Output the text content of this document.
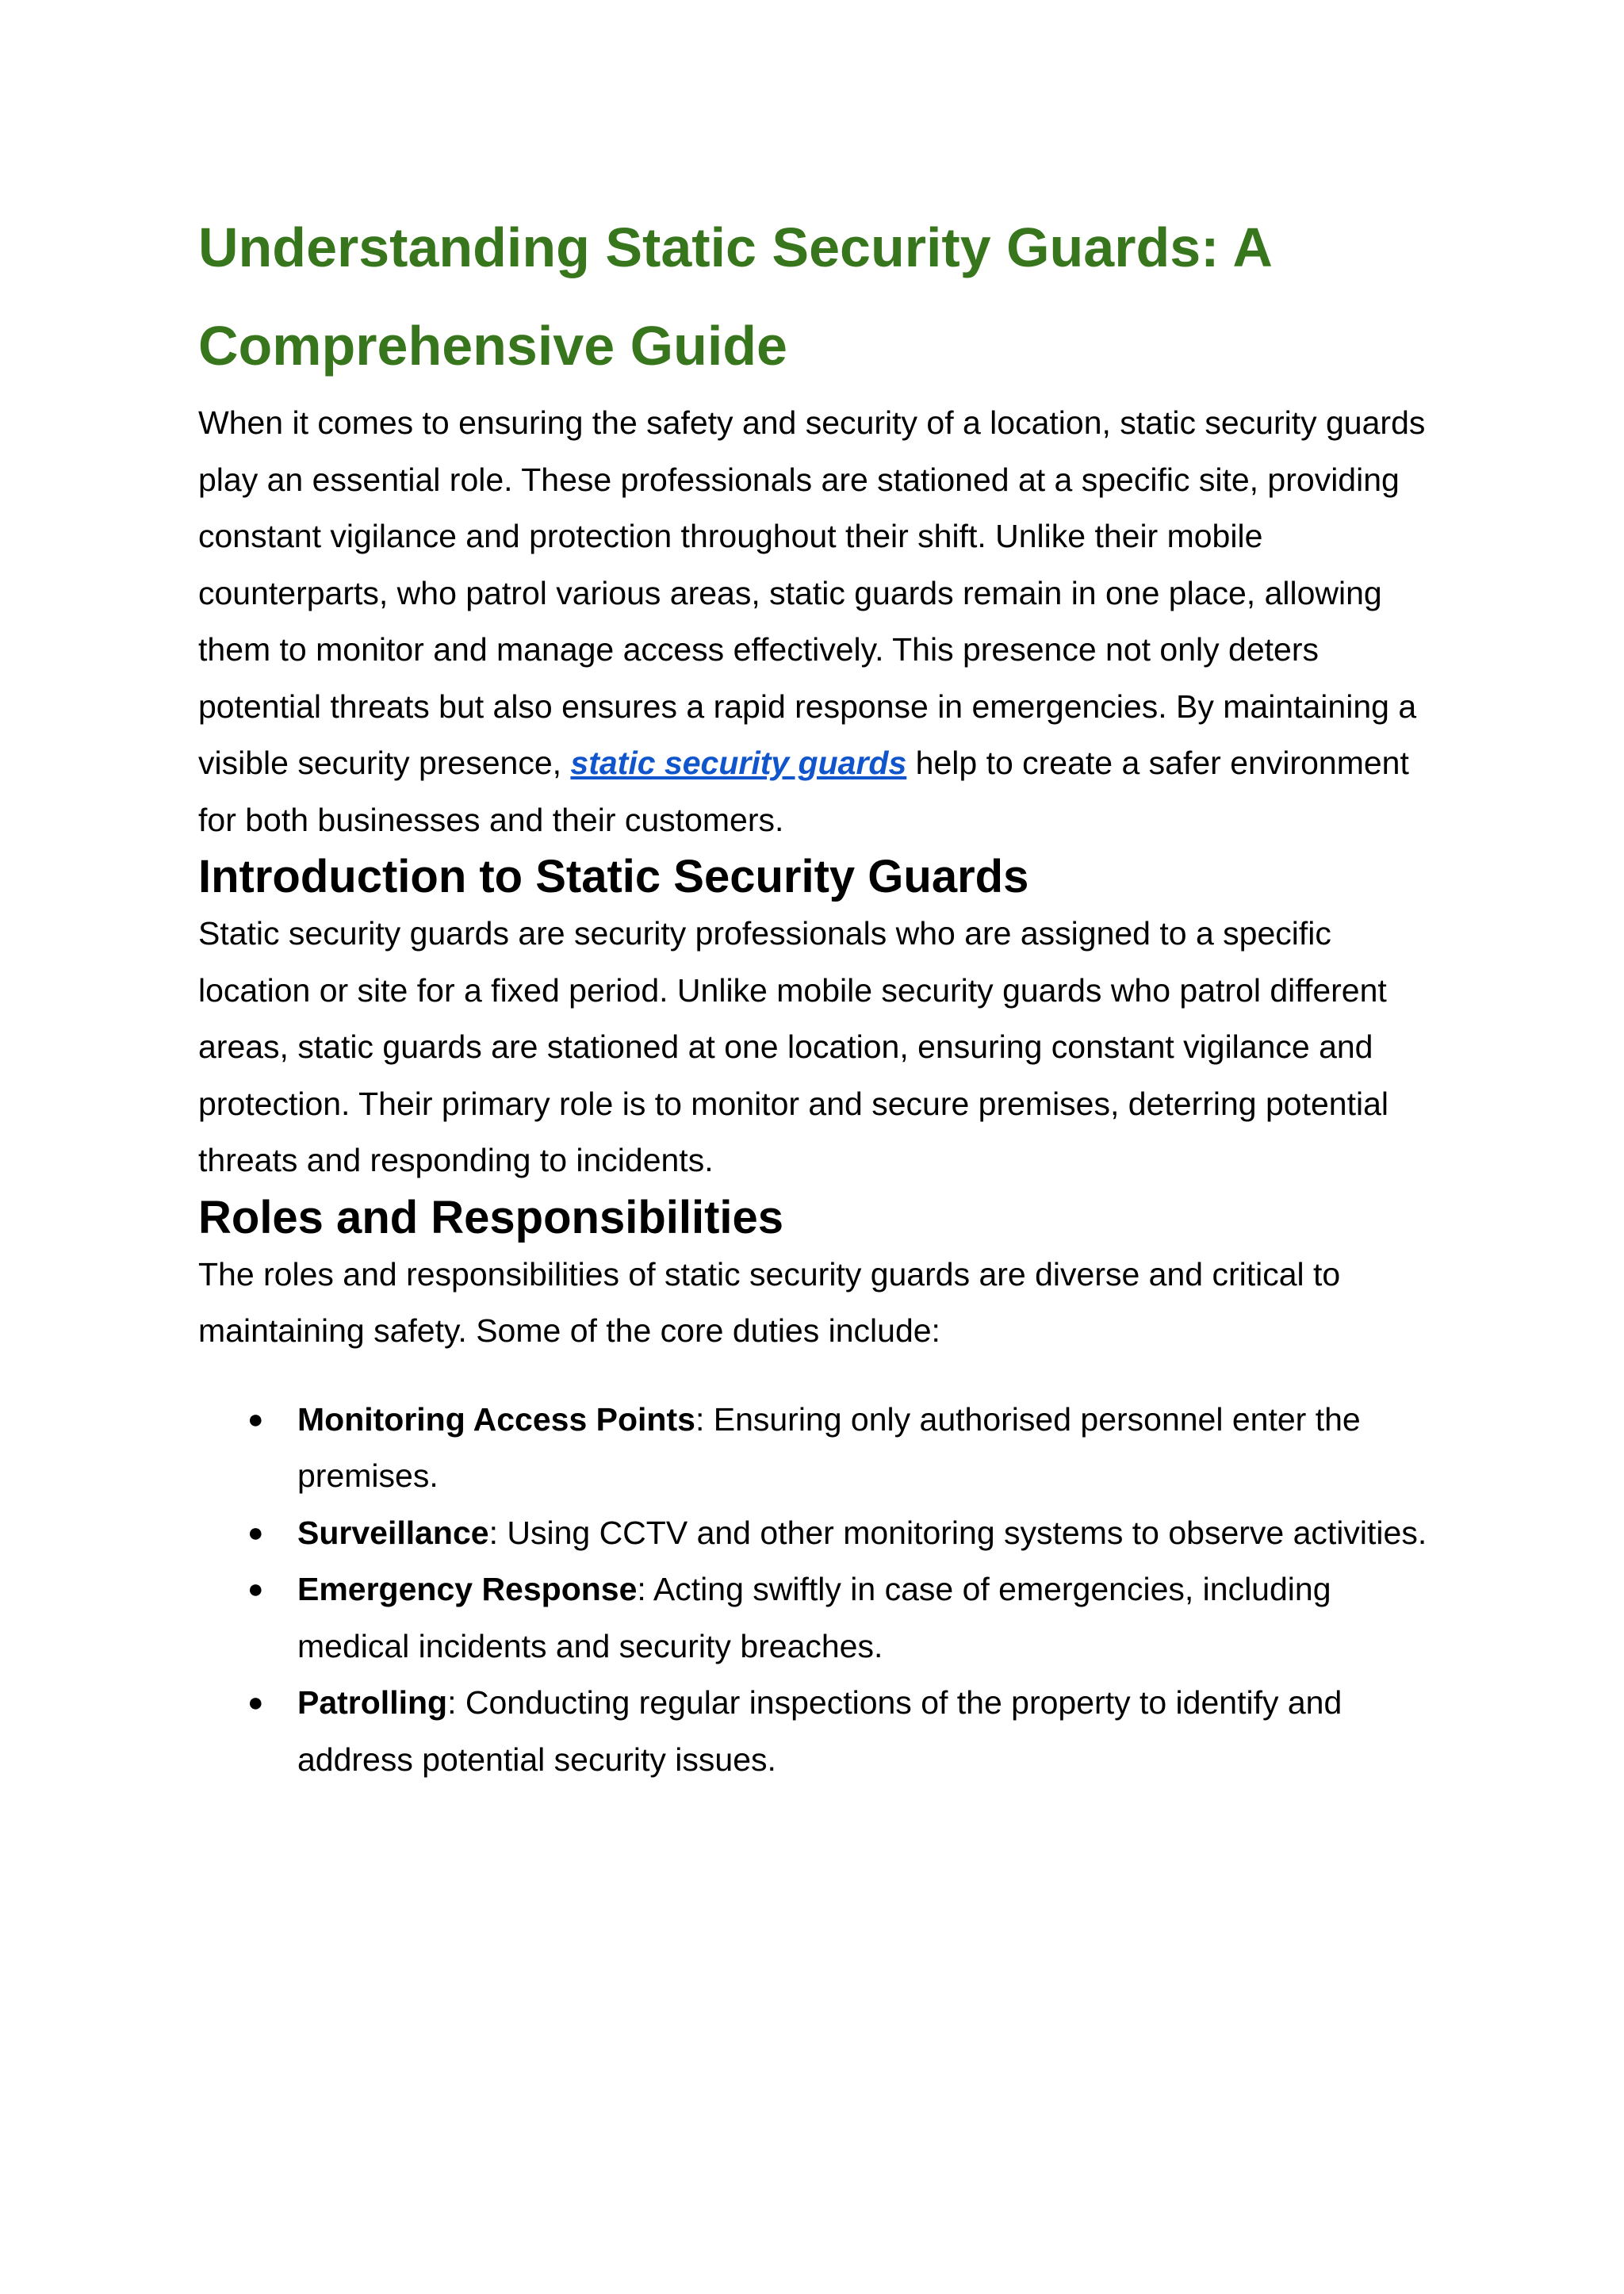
Understanding Static Security Guards: A Comprehensive Guide

When it comes to ensuring the safety and security of a location, static security guards play an essential role. These professionals are stationed at a specific site, providing constant vigilance and protection throughout their shift. Unlike their mobile counterparts, who patrol various areas, static guards remain in one place, allowing them to monitor and manage access effectively. This presence not only deters potential threats but also ensures a rapid response in emergencies. By maintaining a visible security presence, static security guards help to create a safer environment for both businesses and their customers.

Introduction to Static Security Guards

Static security guards are security professionals who are assigned to a specific location or site for a fixed period. Unlike mobile security guards who patrol different areas, static guards are stationed at one location, ensuring constant vigilance and protection. Their primary role is to monitor and secure premises, deterring potential threats and responding to incidents.

Roles and Responsibilities

The roles and responsibilities of static security guards are diverse and critical to maintaining safety. Some of the core duties include:

● Monitoring Access Points: Ensuring only authorised personnel enter the premises.
● Surveillance: Using CCTV and other monitoring systems to observe activities.
● Emergency Response: Acting swiftly in case of emergencies, including medical incidents and security breaches.
● Patrolling: Conducting regular inspections of the property to identify and address potential security issues.
